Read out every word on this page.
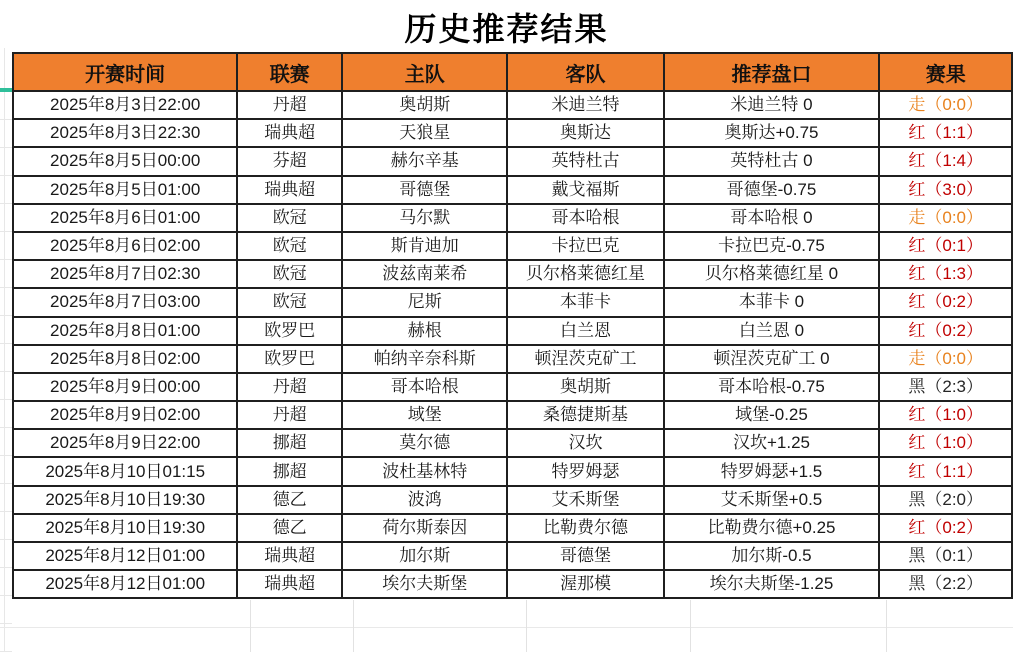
历史推荐结果
开赛时间	联赛	主队	客队	推荐盘口	赛果
2025年8月3日22:00	丹超	奥胡斯	米迪兰特	米迪兰特 0	走（0:0）
2025年8月3日22:30	瑞典超	天狼星	奥斯达	奥斯达+0.75	红（1:1）
2025年8月5日00:00	芬超	赫尔辛基	英特杜古	英特杜古 0	红（1:4）
2025年8月5日01:00	瑞典超	哥德堡	戴戈福斯	哥德堡-0.75	红（3:0）
2025年8月6日01:00	欧冠	马尔默	哥本哈根	哥本哈根 0	走（0:0）
2025年8月6日02:00	欧冠	斯肯迪加	卡拉巴克	卡拉巴克-0.75	红（0:1）
2025年8月7日02:30	欧冠	波兹南莱希	贝尔格莱德红星	贝尔格莱德红星 0	红（1:3）
2025年8月7日03:00	欧冠	尼斯	本菲卡	本菲卡 0	红（0:2）
2025年8月8日01:00	欧罗巴	赫根	白兰恩	白兰恩 0	红（0:2）
2025年8月8日02:00	欧罗巴	帕纳辛奈科斯	顿涅茨克矿工	顿涅茨克矿工 0	走（0:0）
2025年8月9日00:00	丹超	哥本哈根	奥胡斯	哥本哈根-0.75	黑（2:3）
2025年8月9日02:00	丹超	域堡	桑德捷斯基	域堡-0.25	红（1:0）
2025年8月9日22:00	挪超	莫尔德	汉坎	汉坎+1.25	红（1:0）
2025年8月10日01:15	挪超	波杜基林特	特罗姆瑟	特罗姆瑟+1.5	红（1:1）
2025年8月10日19:30	德乙	波鸿	艾禾斯堡	艾禾斯堡+0.5	黑（2:0）
2025年8月10日19:30	德乙	荷尔斯泰因	比勒费尔德	比勒费尔德+0.25	红（0:2）
2025年8月12日01:00	瑞典超	加尔斯	哥德堡	加尔斯-0.5	黑（0:1）
2025年8月12日01:00	瑞典超	埃尔夫斯堡	渥那模	埃尔夫斯堡-1.25	黑（2:2）
